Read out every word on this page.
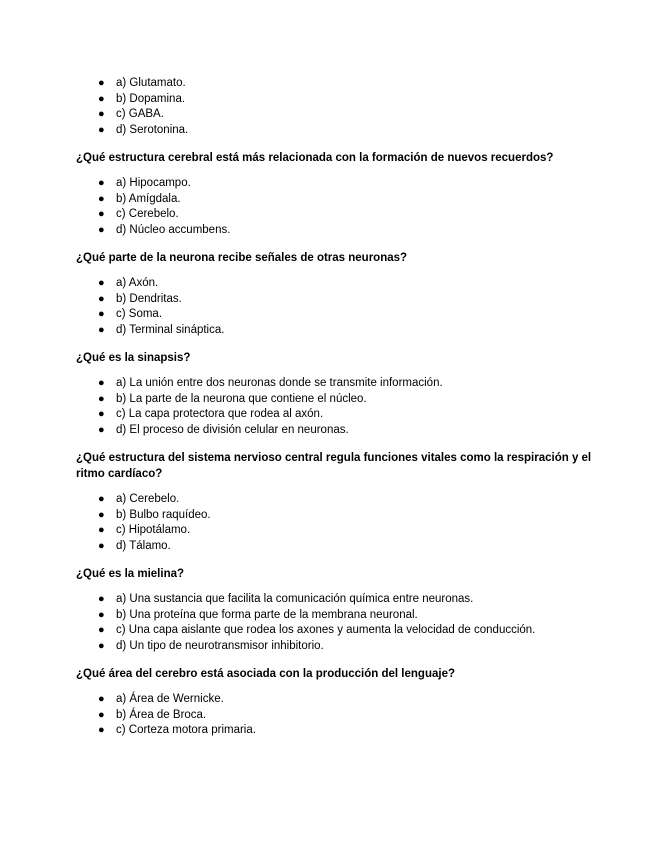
● a) Glutamato.
● b) Dopamina.
● c) GABA.
● d) Serotonina.

¿Qué estructura cerebral está más relacionada con la formación de nuevos recuerdos?

● a) Hipocampo.
● b) Amígdala.
● c) Cerebelo.
● d) Núcleo accumbens.

¿Qué parte de la neurona recibe señales de otras neuronas?

● a) Axón.
● b) Dendritas.
● c) Soma.
● d) Terminal sináptica.

¿Qué es la sinapsis?

● a) La unión entre dos neuronas donde se transmite información.
● b) La parte de la neurona que contiene el núcleo.
● c) La capa protectora que rodea al axón.
● d) El proceso de división celular en neuronas.

¿Qué estructura del sistema nervioso central regula funciones vitales como la respiración y el ritmo cardíaco?

● a) Cerebelo.
● b) Bulbo raquídeo.
● c) Hipotálamo.
● d) Tálamo.

¿Qué es la mielina?

● a) Una sustancia que facilita la comunicación química entre neuronas.
● b) Una proteína que forma parte de la membrana neuronal.
● c) Una capa aislante que rodea los axones y aumenta la velocidad de conducción.
● d) Un tipo de neurotransmisor inhibitorio.

¿Qué área del cerebro está asociada con la producción del lenguaje?

● a) Área de Wernicke.
● b) Área de Broca.
● c) Corteza motora primaria.
